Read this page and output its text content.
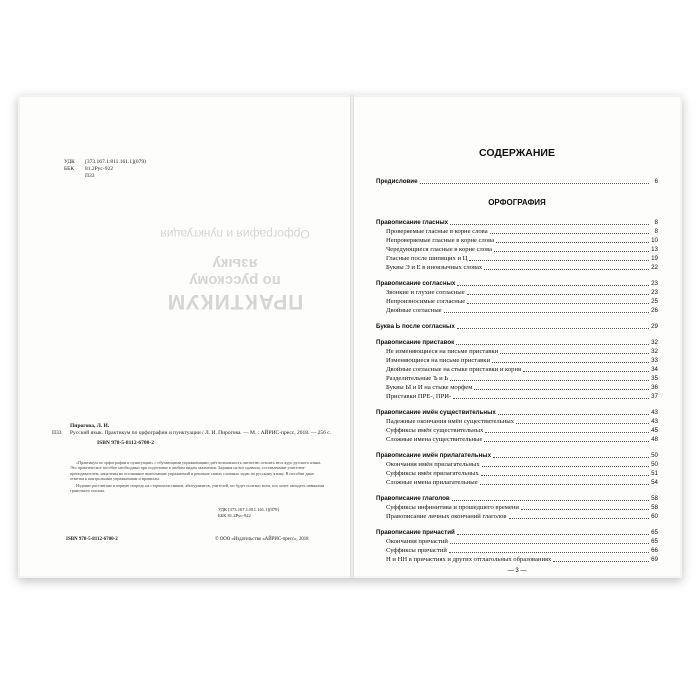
УДК	[373.167.1:811.161.1](079)
ББК	81.2Рус-922
П33
ПРАКТИКУМ
по русскому
языку
Орфография и пунктуация
Пирогова, Л. И.
П33	Русский язык. Практикум по орфографии и пунктуации / Л. И. Пирогова. — М. : АЙРИС-пресс, 2018. — 256 с.
ISBN 978-5-8112-6700-2

«Практикум по орфографии и пунктуации» с обучающими упражнениями даёт возможность читателю освоить весь курс русского языка. Это практическое пособие необходимо при подготовке к любым видам экзаменов. Задания на все правила, составленные учителем-преподавателем, нацелены на осознанное выполнение упражнений и решение самых сложных задач по русскому языку. В пособии дана отметка к контрольным упражнениям и правилам.

Издание рассчитано в первую очередь на старшеклассников, абитуриентов, учителей, но будет полезно всем, кто хочет овладеть навыками грамотного письма.

УДК [373.167.1:811.161.1](079)
ББК 81.2Рус-922
ISBN 978-5-8112-6700-2	© ООО «Издательство «АЙРИС-пресс», 2018
СОДЕРЖАНИЕ
Предисловие	6
ОРФОГРАФИЯ
Правописание гласных	8
Проверяемые гласные в корне слова	8
Непроверяемые гласные в корне слова	10
Чередующиеся гласные в корне слова	13
Гласные после шипящих и Ц	19
Буквы Э и Е в иноязычных словах	22
Правописание согласных	23
Звонкие и глухие согласные	23
Непроизносимые согласные	25
Двойные согласные	26
Буква Ь после согласных	29
Правописание приставок	32
Не изменяющиеся на письме приставки	32
Изменяющиеся на письме приставки	33
Двойные согласные на стыке приставки и корня	34
Разделительные Ъ и Ь	35
Буквы Ы и И на стыке морфем	36
Приставки ПРЕ-, ПРИ-	37
Правописание имён существительных	43
Падежные окончания имён существительных	43
Суффиксы имён существительных	45
Сложные имена существительные	48
Правописание имён прилагательных	50
Окончания имён прилагательных	50
Суффиксы имён прилагательных	51
Сложные имена прилагательные	54
Правописание глаголов	58
Суффиксы инфинитива и прошедшего времени	58
Правописание личных окончаний глаголов	60
Правописание причастий	65
Окончания причастий	65
Суффиксы причастий	66
Н и НН в причастиях и других отглагольных образованиях	69
— 3 —
